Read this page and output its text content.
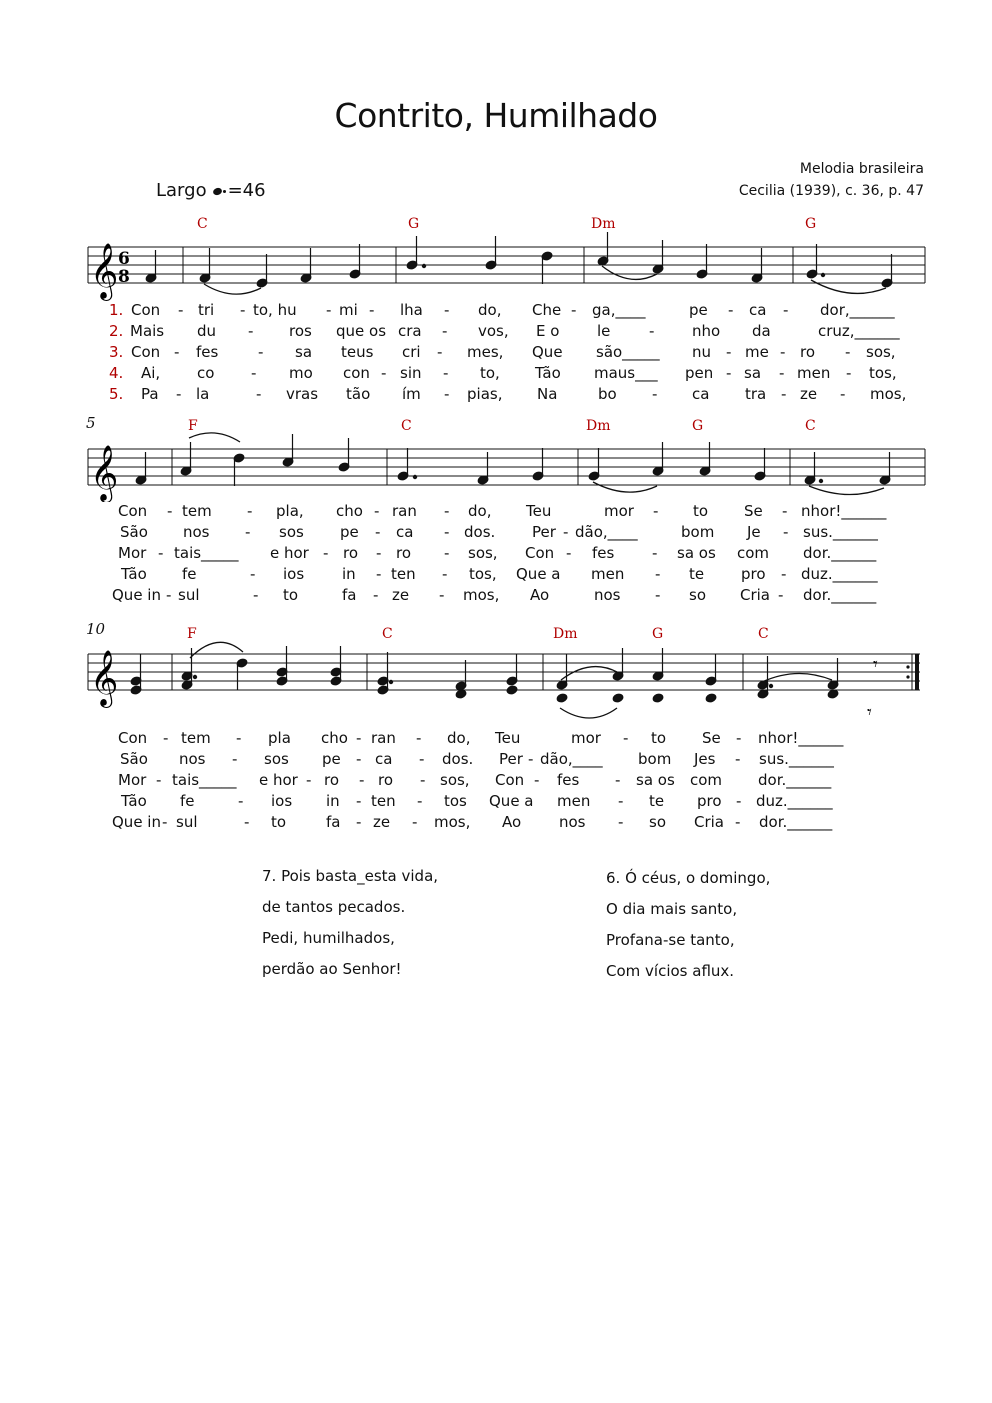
Contrito, Humilhado
Melodia brasileira
Cecilia (1939), c. 36, p. 47
Largo =46
C	G	Dm	G
𝄞 6
8
1. Con - tri - to, hu - mi - lha - do, Che - ga,____	pe - ca - dor,______
2. Mais du - ros que os cra - vos, E o	le	-	nho da	cruz,______
3. Con - fes	- sa teus cri - mes, Que são_____ nu - me - ro - sos,
4. Ai, co - mo con - sin - to, Tão maus___ pen - sa - men - tos,
5. Pa - la	- vras tão ím - pias, Na	bo - ca tra - ze - mos,
5	F	C	Dm	G	C
𝄞
Con - tem - pla, cho - ran - do, Teu	mor - to Se - nhor!______
São nos - sos pe - ca - dos. Per - dão,____	bom Je - sus.______
Mor - tais_____ e hor - ro - ro - sos, Con - fes	- sa os com dor.______
Tão fe	- ios	in - ten - tos, Que a men - te pro - duz.______
Que in - sul	- to	fa - ze - mos, Ao	nos - so Cria - dor.______
10	F	C	Dm	G	C
𝄞	𝄾
𝄾
Con - tem - pla cho - ran - do, Teu	mor - to Se - nhor!______
São nos - sos pe - ca - dos. Per - dão,____ bom Jes - sus.______
Mor - tais_____ e hor - ro - ro - sos, Con - fes - sa os com dor.______
Tão fe	- ios in - ten - tos Que a men - te pro - duz.______
Que in - sul	- to	fa - ze - mos, Ao	nos - so Cria - dor.______
7. Pois basta_esta vida,
de tantos pecados.
Pedi, humilhados,
perdão ao Senhor!
6. Ó céus, o domingo,
O dia mais santo,
Profana-se tanto,
Com vícios aflux.
